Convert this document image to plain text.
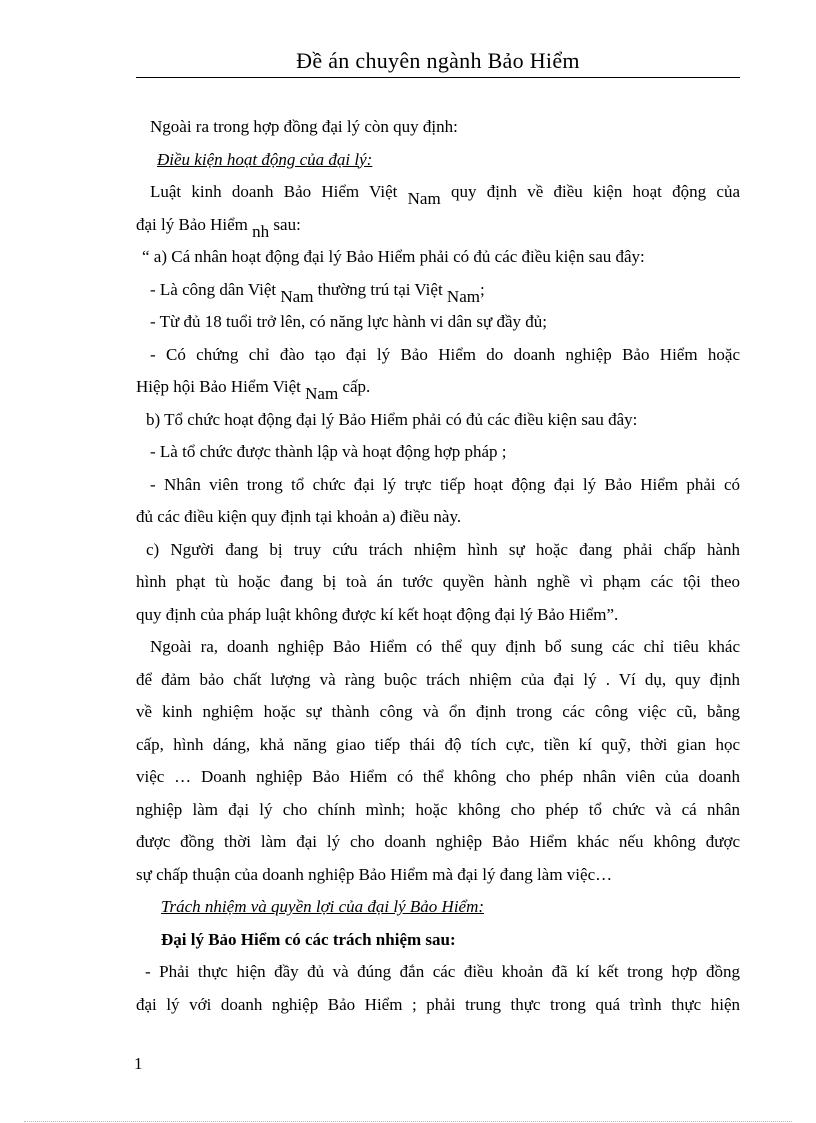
Đề án chuyên ngành Bảo Hiểm
Ngoài ra trong hợp đồng đại lý còn quy định:
Điều kiện hoạt động của đại lý:
Luật kinh doanh Bảo Hiểm Việt Nam quy định về điều kiện hoạt động của
đại lý Bảo Hiểm nh sau:
“ a) Cá nhân hoạt động đại lý Bảo Hiểm phải có đủ các điều kiện sau đây:
- Là công dân Việt Nam thường trú tại Việt Nam;
- Từ đủ 18 tuổi trở lên, có năng lực hành vi dân sự đầy đủ;
- Có chứng chỉ đào tạo đại lý Bảo Hiểm do doanh nghiệp Bảo Hiểm hoặc
Hiệp hội Bảo Hiểm Việt Nam cấp.
b) Tổ chức hoạt động đại lý Bảo Hiểm phải có đủ các điều kiện sau đây:
- Là tổ chức được thành lập và hoạt động hợp pháp ;
- Nhân viên trong tổ chức đại lý trực tiếp hoạt động đại lý Bảo Hiểm phải có
đủ các điều kiện quy định tại khoản a) điều này.
c) Người đang bị truy cứu trách nhiệm hình sự hoặc đang phải chấp hành
hình phạt tù hoặc đang bị toà án tước quyền hành nghề vì phạm các tội theo
quy định của pháp luật không được kí kết hoạt động đại lý Bảo Hiểm”.
Ngoài ra, doanh nghiệp Bảo Hiểm có thể quy định bổ sung các chỉ tiêu khác
để đảm bảo chất lượng và ràng buộc trách nhiệm của đại lý . Ví dụ, quy định
về kinh nghiệm hoặc sự thành công và ổn định trong các công việc cũ, bằng
cấp, hình dáng, khả năng giao tiếp thái độ tích cực, tiền kí quỹ, thời gian học
việc … Doanh nghiệp Bảo Hiểm có thể không cho phép nhân viên của doanh
nghiệp làm đại lý cho chính mình; hoặc không cho phép tổ chức và cá nhân
được đồng thời làm đại lý cho doanh nghiệp Bảo Hiểm khác nếu không được
sự chấp thuận của doanh nghiệp Bảo Hiểm mà đại lý đang làm việc…
Trách nhiệm và quyền lợi của đại lý Bảo Hiểm:
Đại lý Bảo Hiểm có các trách nhiệm sau:
- Phải thực hiện đầy đủ và đúng đắn các điều khoản đã kí kết trong hợp đồng
đại lý với doanh nghiệp Bảo Hiểm ; phải trung thực trong quá trình thực hiện
1
